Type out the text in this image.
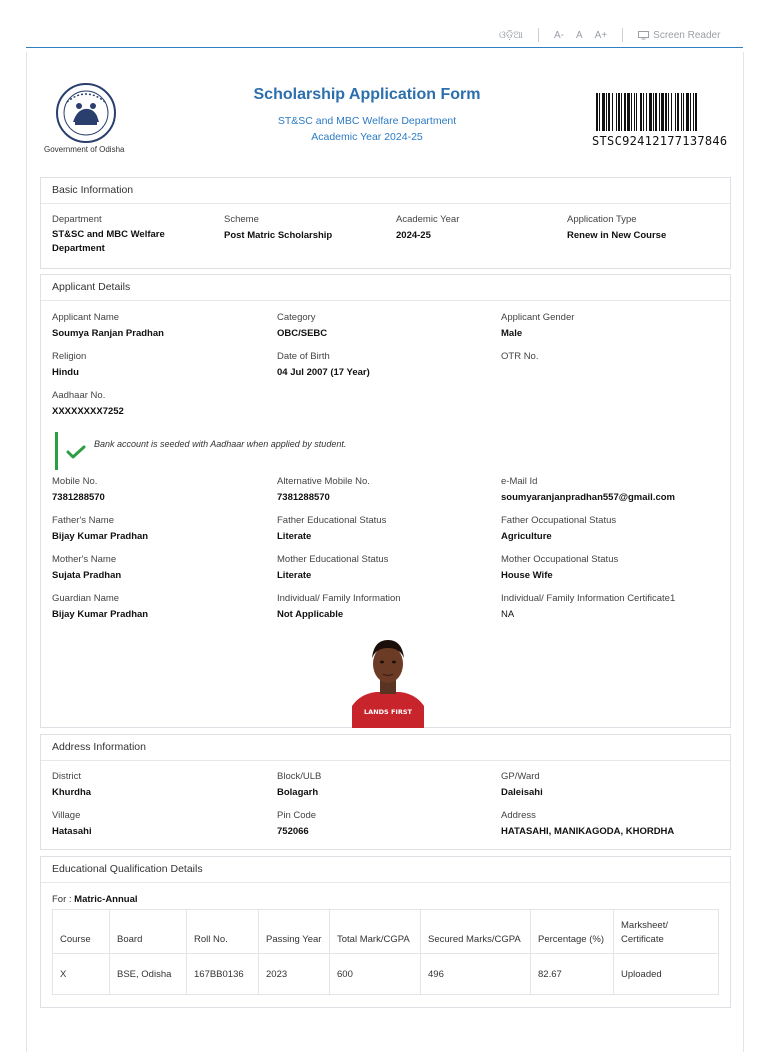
ଓଡ଼ିଆ	A-	A	A+	Screen Reader
Government of Odisha
Scholarship Application Form
ST&SC and MBC Welfare Department
Academic Year 2024-25	STSC92412177137846
Basic Information
Department
ST&SC and MBC Welfare Department
Scheme
Post Matric Scholarship
Academic Year
2024-25
Application Type
Renew in New Course
Applicant Details
Applicant Name
Soumya Ranjan Pradhan
Category
OBC/SEBC
Applicant Gender
Male
Religion
Hindu
Date of Birth
04 Jul 2007 (17 Year)
OTR No.
Aadhaar No.
XXXXXXXX7252
Bank account is seeded with Aadhaar when applied by student.
Mobile No.
7381288570
Alternative Mobile No.
7381288570
e-Mail Id
soumyaranjanpradhan557@gmail.com
Father's Name
Bijay Kumar Pradhan
Father Educational Status
Literate
Father Occupational Status
Agriculture
Mother's Name
Sujata Pradhan
Mother Educational Status
Literate
Mother Occupational Status
House Wife
Guardian Name
Bijay Kumar Pradhan
Individual/ Family Information
Not Applicable
Individual/ Family Information Certificate1
NA
LANDS FIRST
Address Information
District
Khurdha
Block/ULB
Bolagarh
GP/Ward
Daleisahi
Village
Hatasahi
Pin Code
752066
Address
HATASAHI, MANIKAGODA, KHORDHA
Educational Qualification Details
For : Matric-Annual
Course	Board	Roll No.	Passing Year	Total Mark/CGPA	Secured Marks/CGPA	Percentage (%)	Marksheet/ Certificate
X	BSE, Odisha	167BB0136	2023	600	496	82.67	Uploaded
